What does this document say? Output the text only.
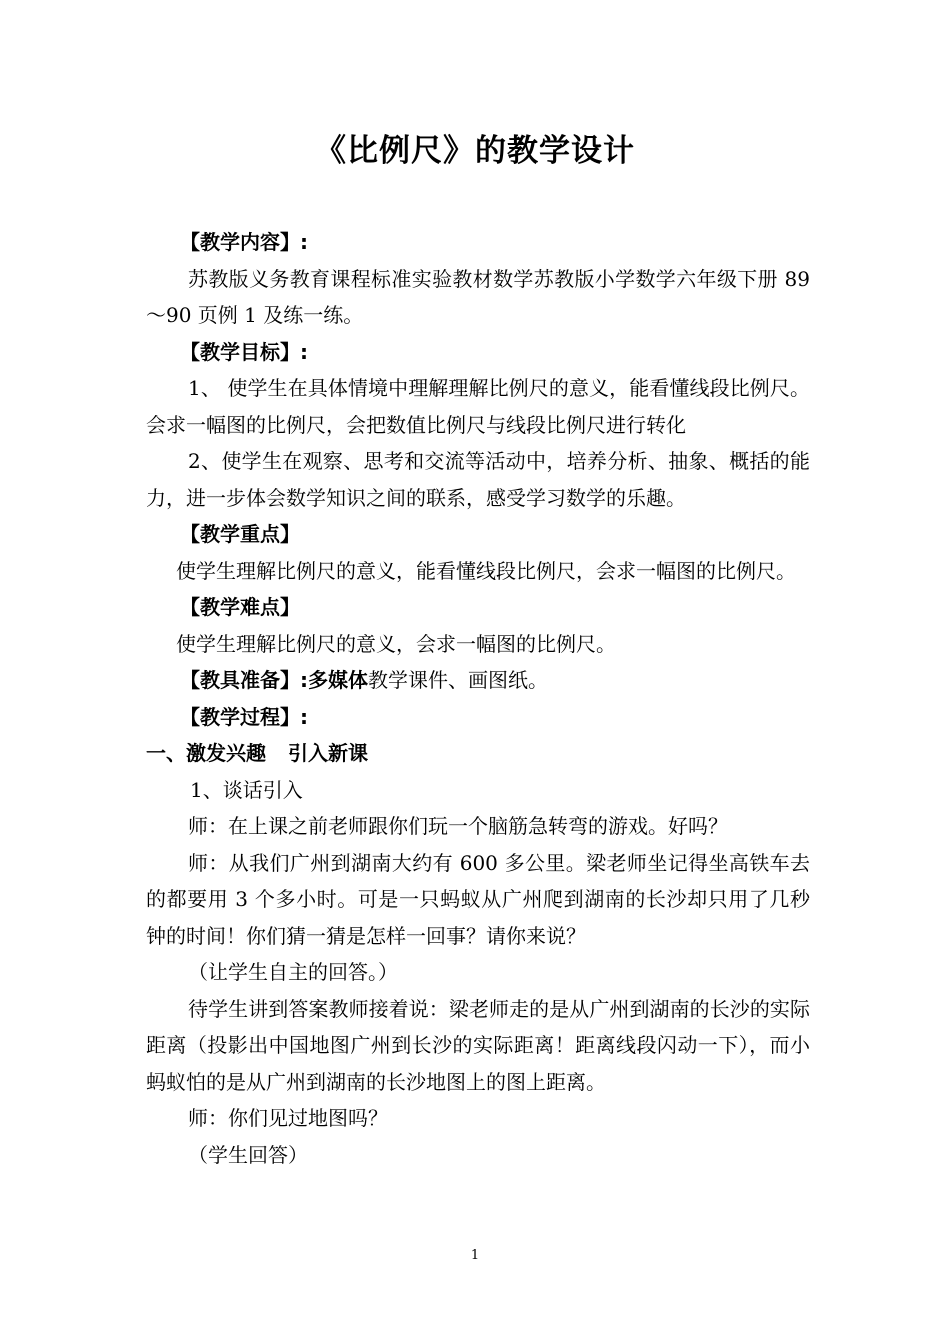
《比例尺》的教学设计

【教学内容】:

苏教版义务教育课程标准实验教材数学苏教版小学数学六年级下册 89～90 页例 1 及练一练。

【教学目标】:

1、 使学生在具体情境中理解理解比例尺的意义，能看懂线段比例尺。会求一幅图的比例尺，会把数值比例尺与线段比例尺进行转化

2、使学生在观察、思考和交流等活动中，培养分析、抽象、概括的能力，进一步体会数学知识之间的联系，感受学习数学的乐趣。

【教学重点】

使学生理解比例尺的意义，能看懂线段比例尺，会求一幅图的比例尺。

【教学难点】

使学生理解比例尺的意义，会求一幅图的比例尺。

【教具准备】:多媒体教学课件、画图纸。

【教学过程】:

一、激发兴趣 引入新课

1、谈话引入

师：在上课之前老师跟你们玩一个脑筋急转弯的游戏。好吗？

师：从我们广州到湖南大约有 600 多公里。梁老师坐记得坐高铁车去的都要用 3 个多小时。可是一只蚂蚁从广州爬到湖南的长沙却只用了几秒钟的时间！你们猜一猜是怎样一回事？请你来说？

（让学生自主的回答。）

待学生讲到答案教师接着说：梁老师走的是从广州到湖南的长沙的实际距离（投影出中国地图广州到长沙的实际距离！距离线段闪动一下），而小蚂蚁怕的是从广州到湖南的长沙地图上的图上距离。

师：你们见过地图吗？

（学生回答）

1
